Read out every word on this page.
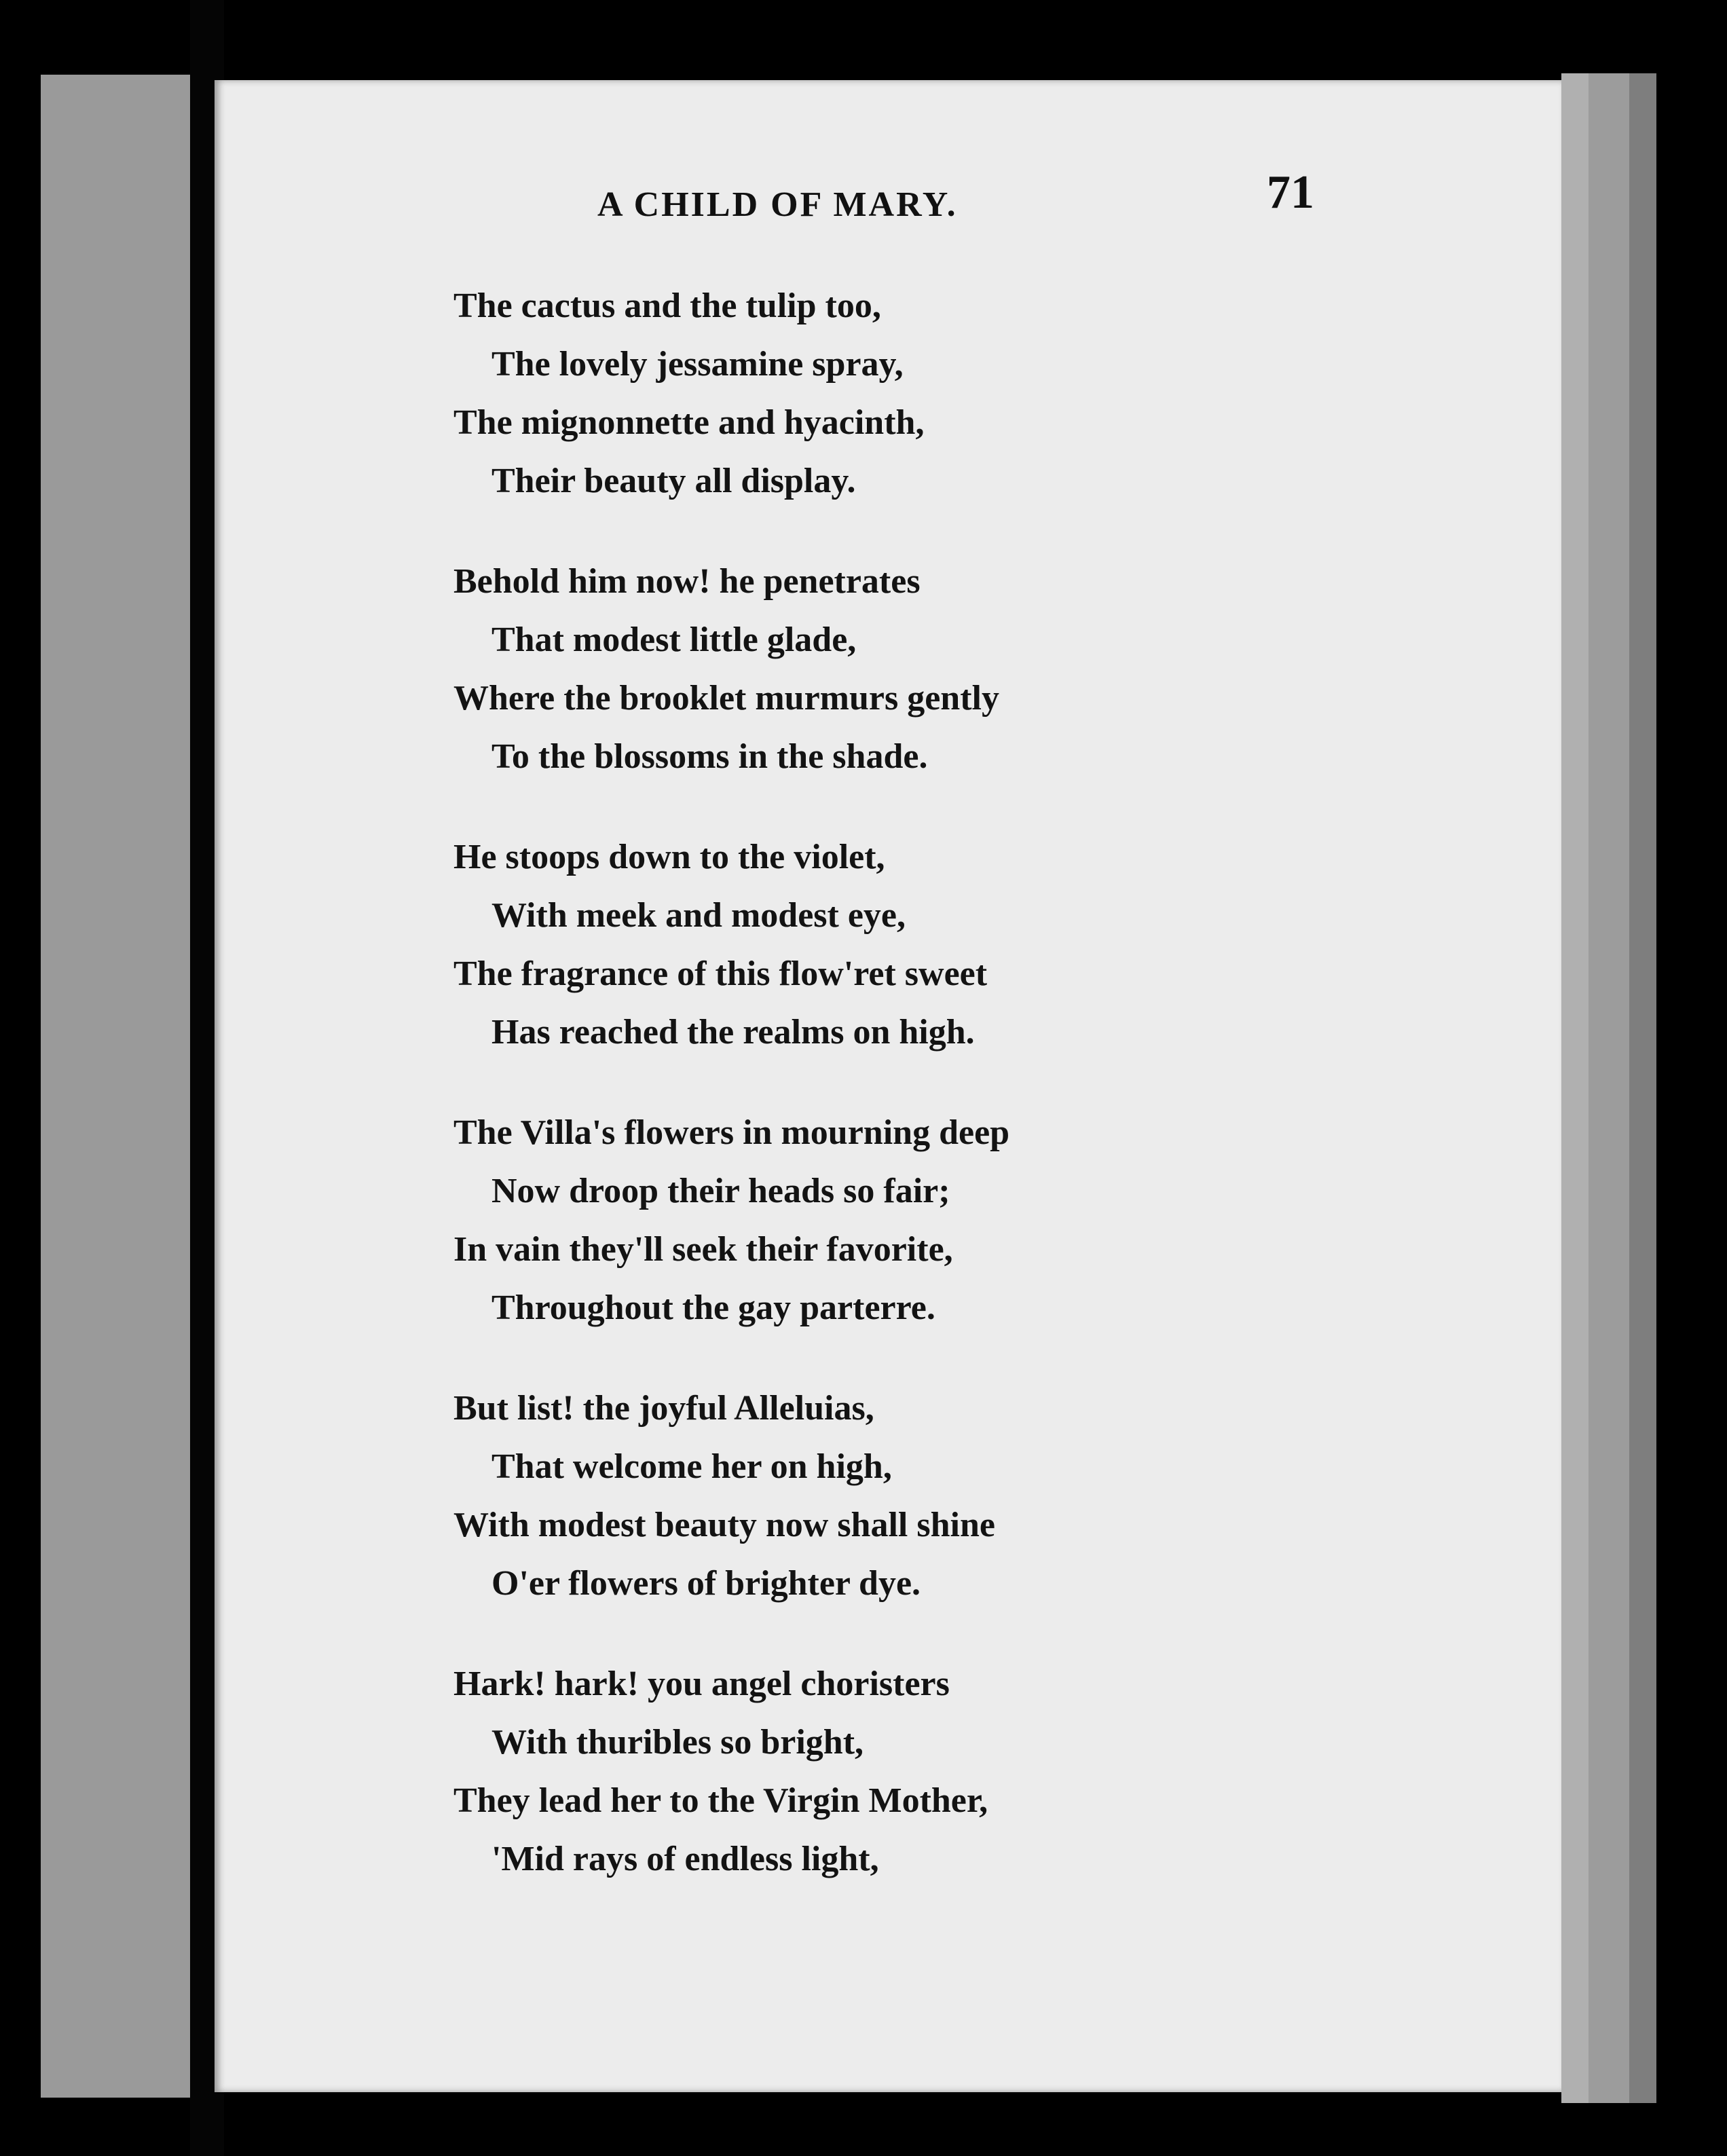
A CHILD OF MARY.	71
The cactus and the tulip too,
The lovely jessamine spray,
The mignonnette and hyacinth,
Their beauty all display.
Behold him now! he penetrates
That modest little glade,
Where the brooklet murmurs gently
To the blossoms in the shade.
He stoops down to the violet,
With meek and modest eye,
The fragrance of this flow'ret sweet
Has reached the realms on high.
The Villa's flowers in mourning deep
Now droop their heads so fair;
In vain they'll seek their favorite,
Throughout the gay parterre.
But list! the joyful Alleluias,
That welcome her on high,
With modest beauty now shall shine
O'er flowers of brighter dye.
Hark! hark! you angel choristers
With thuribles so bright,
They lead her to the Virgin Mother,
'Mid rays of endless light,
